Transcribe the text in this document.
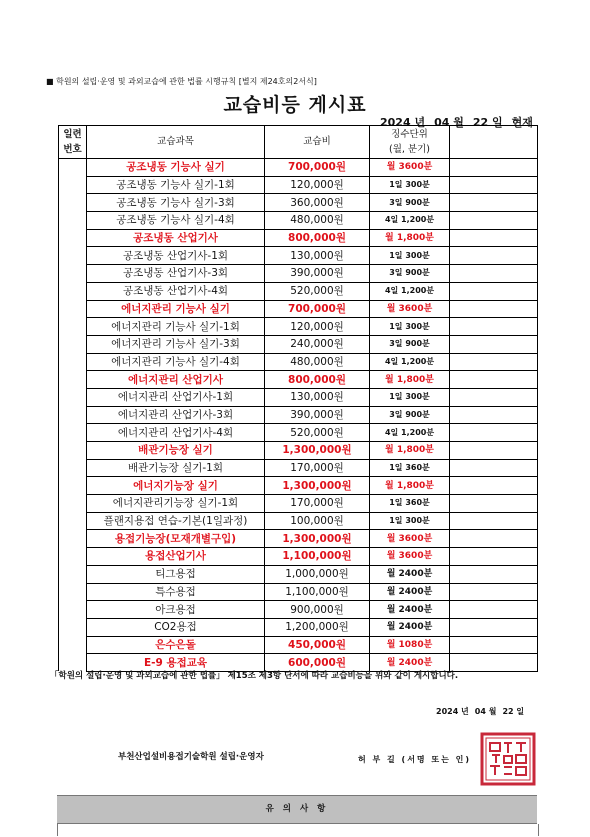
■ 학원의 설립·운영 및 과외교습에 관한 법률 시행규칙 [별지 제24호의2서식]
교습비등 게시표
2024 년 04 월 22 일 현재
일련
번호	교습과목	교습비	징수단위
(월, 분기)	
	공조냉동 기능사 실기	700,000원	월 3600분	
	공조냉동 기능사 실기-1회	120,000원	1일 300분	
	공조냉동 기능사 실기-3회	360,000원	3일 900분	
	공조냉동 기능사 실기-4회	480,000원	4일 1,200분	
	공조냉동 산업기사	800,000원	월 1,800분	
	공조냉동 산업기사-1회	130,000원	1일 300분	
	공조냉동 산업기사-3회	390,000원	3일 900분	
	공조냉동 산업기사-4회	520,000원	4일 1,200분	
	에너지관리 기능사 실기	700,000원	월 3600분	
	에너지관리 기능사 실기-1회	120,000원	1일 300분	
	에너지관리 기능사 실기-3회	240,000원	3일 900분	
	에너지관리 기능사 실기-4회	480,000원	4일 1,200분	
	에너지관리 산업기사	800,000원	월 1,800분	
	에너지관리 산업기사-1회	130,000원	1일 300분	
	에너지관리 산업기사-3회	390,000원	3일 900분	
	에너지관리 산업기사-4회	520,000원	4일 1,200분	
	배관기능장 실기	1,300,000원	월 1,800분	
	배관기능장 실기-1회	170,000원	1일 360분	
	에너지기능장 실기	1,300,000원	월 1,800분	
	에너지관리기능장 실기-1회	170,000원	1일 360분	
	플랜지용접 연습-기본(1일과정)	100,000원	1일 300분	
	용접기능장(모재개별구입)	1,300,000원	월 3600분	
	용접산업기사	1,100,000원	월 3600분	
	티그용접	1,000,000원	월 2400분	
	특수용접	1,100,000원	월 2400분	
	아크용접	900,000원	월 2400분	
	CO2용접	1,200,000원	월 2400분	
	은수은돌	450,000원	월 1080분	
	E-9 용접교육	600,000원	월 2400분	
「학원의 설립·운영 및 과외교습에 관한 법률」 제15조 제3항 단서에 따라 교습비등을 위와 같이 게시합니다.
2024 년 04 월 22 일
부천산업설비용접기술학원 설립·운영자	허 부 길 (서명 또는 인)
유 의 사 항
